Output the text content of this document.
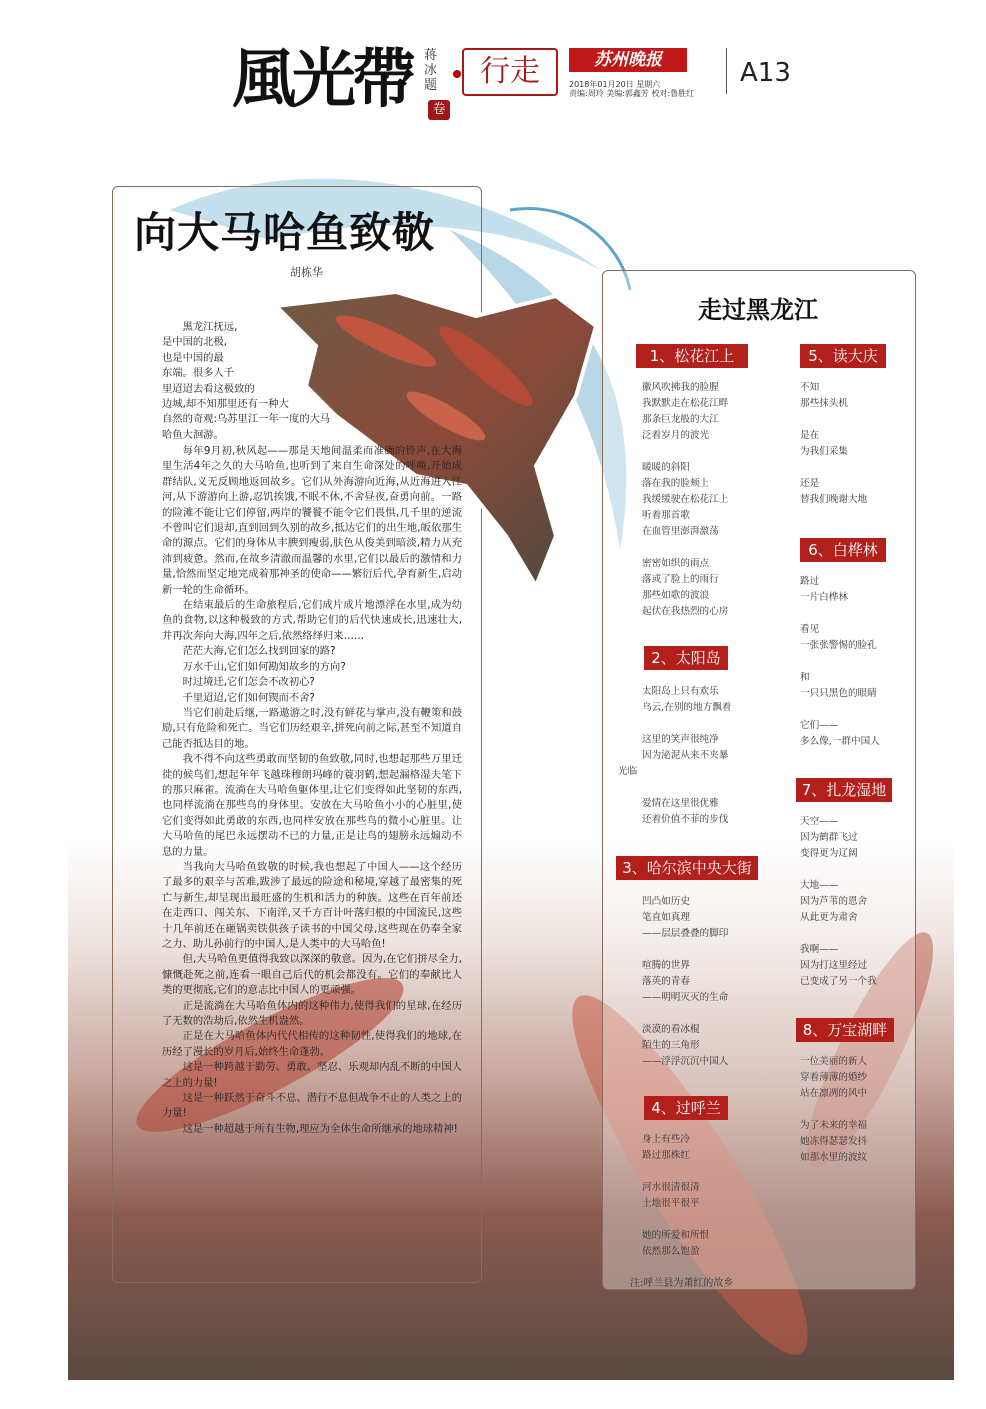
風光帶 蒋冰题
卷
行走	苏州晚报
2018年01月20日 星期六
责编:周玲 美编:郭鑫芳 校对:鲁胜红
A13
向大马哈鱼致敬
胡栋华

黑龙江抚远,

是中国的北极,

也是中国的最

东端。很多人千

里迢迢去看这极致的

边城,却不知那里还有一种大

自然的奇观:乌苏里江一年一度的大马

哈鱼大洄游。

每年9月初,秋风起——那是天地间温柔而准确的铃声,在大海里生活4年之久的大马哈鱼,也听到了来自生命深处的呼唤,开始成群结队,义无反顾地返回故乡。它们从外海游向近海,从近海进入江河,从下游游向上游,忍饥挨饿,不眠不休,不舍昼夜,奋勇向前。一路的险滩不能让它们停留,两岸的饕餮不能令它们畏惧,几千里的逆流不曾叫它们退却,直到回到久别的故乡,抵达它们的出生地,皈依那生命的源点。它们的身体从丰腴到瘦弱,肤色从俊美到暗淡,精力从充沛到疲惫。然而,在故乡清澈而温馨的水里,它们以最后的激情和力量,恰然而坚定地完成着那神圣的使命——繁衍后代,孕育新生,启动新一轮的生命循环。

在结束最后的生命旅程后,它们成片成片地漂浮在水里,成为幼鱼的食物,以这种极致的方式,帮助它们的后代快速成长,迅速壮大,并再次奔向大海,四年之后,依然络绎归来……

茫茫大海,它们怎么找到回家的路?

万水千山,它们如何勘知故乡的方向?

时过境迁,它们怎会不改初心?

千里迢迢,它们如何锲而不舍?

当它们前赴后继,一路遨游之时,没有鲜花与掌声,没有鞭策和鼓励,只有危险和死亡。当它们历经艰辛,拼死向前之际,甚至不知道自己能否抵达目的地。

我不得不向这些勇敢而坚韧的鱼致敬,同时,也想起那些万里迁徙的候鸟们,想起年年飞越珠穆朗玛峰的蓑羽鹤,想起漏格湿夫笔下的那只麻雀。流淌在大马哈鱼躯体里,让它们变得如此坚韧的东西,也同样流淌在那些鸟的身体里。安放在大马哈鱼小小的心脏里,使它们变得如此勇敢的东西,也同样安放在那些鸟的微小心脏里。让大马哈鱼的尾巴永远摆动不已的力量,正是让鸟的翅膀永远煽动不息的力量。

当我向大马哈鱼致敬的时候,我也想起了中国人——这个经历了最多的艰辛与苦难,跋涉了最远的险途和秘境,穿越了最密集的死亡与新生,却呈现出最旺盛的生机和活力的种族。这些在百年前还在走西口、闯关东、下南洋,又千方百计叶落归根的中国流民,这些十几年前还在砸锅卖铁供孩子读书的中国父母,这些现在仍奉全家之力、助儿孙前行的中国人,是人类中的大马哈鱼!

但,大马哈鱼更值得我致以深深的敬意。因为,在它们拼尽全力,慷慨赴死之前,连看一眼自己后代的机会都没有。它们的奉献比人类的更彻底,它们的意志比中国人的更顽强。

正是流淌在大马哈鱼体内的这种伟力,使得我们的星球,在经历了无数的浩劫后,依然生机盎然。

正是在大马哈鱼体内代代相传的这种韧性,使得我们的地球,在历经了漫长的岁月后,始终生命蓬勃。

这是一种跨越于勤劳、勇敢、坚忍、乐观却内乱不断的中国人之上的力量!

这是一种跃然于奋斗不息、潜行不息但战争不止的人类之上的力量!

这是一种超越于所有生物,理应为全体生命所继承的地球精神!

走过黑龙江
1、松花江上

徽风吹拂我的脸腥

我默默走在松花江畔

那条巨龙般的大江

泛着岁月的波光

暖暖的斜阳

落在我的脸颊上

我缓缓驶在松花江上

听着那首歌

在血管里澎湃激荡

密密如织的雨点

落或了脸上的雨行

那些如歌的波浪

起伏在我热烈的心房

2、太阳岛

太阳岛上只有欢乐

乌云,在别的地方飘着

这里的笑声很纯净

因为泌泥从来不夹暴

光临

爱情在这里很优雅

还着价值不菲的步伐

3、哈尔滨中央大街

凹凸如历史

笔直如真理

——层层叠叠的脚印

喧腾的世界

落英的青春

——明明灭灭的生命

淡漠的看冰棍

陌生的三角形

——浮浮沉沉中国人

4、过呼兰

身上有些冷

路过那株红

河水很清很清

土地很平很平

她的所爱和所恨

依然那么饱盈

5、读大庆

不知

那些抹头机

是在

为我们采集

还是

替我们晚谢大地

6、白桦林

路过

一片白桦林

看见

一张张警惕的脸孔

和

一只只黑色的眼睛

它们——

多么像,一群中国人

7、扎龙湿地

天空——

因为鹤群飞过

变得更为辽阔

大地——

因为芦苇的恩舍

从此更为肃舍

我啊——

因为打这里经过

已变成了另一个我

8、万宝湖畔

一位美丽的新人

穿着薄薄的婚纱

站在凛冽的风中

为了未来的幸福

她冻得瑟瑟发抖

如那水里的波纹

注:呼兰县为萧红的故乡
